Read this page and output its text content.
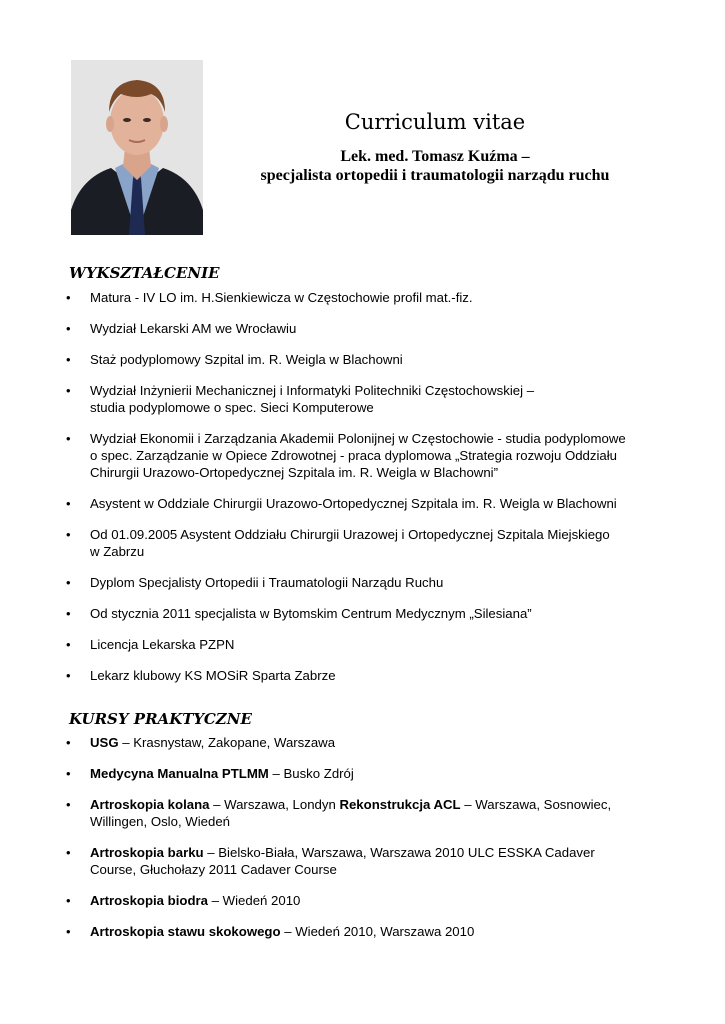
Curriculum vitae
Lek. med. Tomasz Kuźma –
specjalista ortopedii i traumatologii narządu ruchu
WYKSZTAŁCENIE
• Matura - IV LO im. H.Sienkiewicza w Częstochowie profil mat.-fiz.
• Wydział Lekarski AM we Wrocławiu
• Staż podyplomowy Szpital im. R. Weigla w Blachowni
• Wydział Inżynierii Mechanicznej i Informatyki Politechniki Częstochowskiej –
studia podyplomowe o spec. Sieci Komputerowe
• Wydział Ekonomii i Zarządzania Akademii Polonijnej w Częstochowie - studia podyplomowe
o spec. Zarządzanie w Opiece Zdrowotnej - praca dyplomowa „Strategia rozwoju Oddziału
Chirurgii Urazowo-Ortopedycznej Szpitala im. R. Weigla w Blachowni”
• Asystent w Oddziale Chirurgii Urazowo-Ortopedycznej Szpitala im. R. Weigla w Blachowni
• Od 01.09.2005 Asystent Oddziału Chirurgii Urazowej i Ortopedycznej Szpitala Miejskiego
w Zabrzu
• Dyplom Specjalisty Ortopedii i Traumatologii Narządu Ruchu
• Od stycznia 2011 specjalista w Bytomskim Centrum Medycznym „Silesiana”
• Licencja Lekarska PZPN
• Lekarz klubowy KS MOSiR Sparta Zabrze
KURSY PRAKTYCZNE
• USG – Krasnystaw, Zakopane, Warszawa
• Medycyna Manualna PTLMM – Busko Zdrój
• Artroskopia kolana – Warszawa, Londyn Rekonstrukcja ACL – Warszawa, Sosnowiec,
Willingen, Oslo, Wiedeń
• Artroskopia barku – Bielsko-Biała, Warszawa, Warszawa 2010 ULC ESSKA Cadaver
Course, Głuchołazy 2011 Cadaver Course
• Artroskopia biodra – Wiedeń 2010
• Artroskopia stawu skokowego – Wiedeń 2010, Warszawa 2010
